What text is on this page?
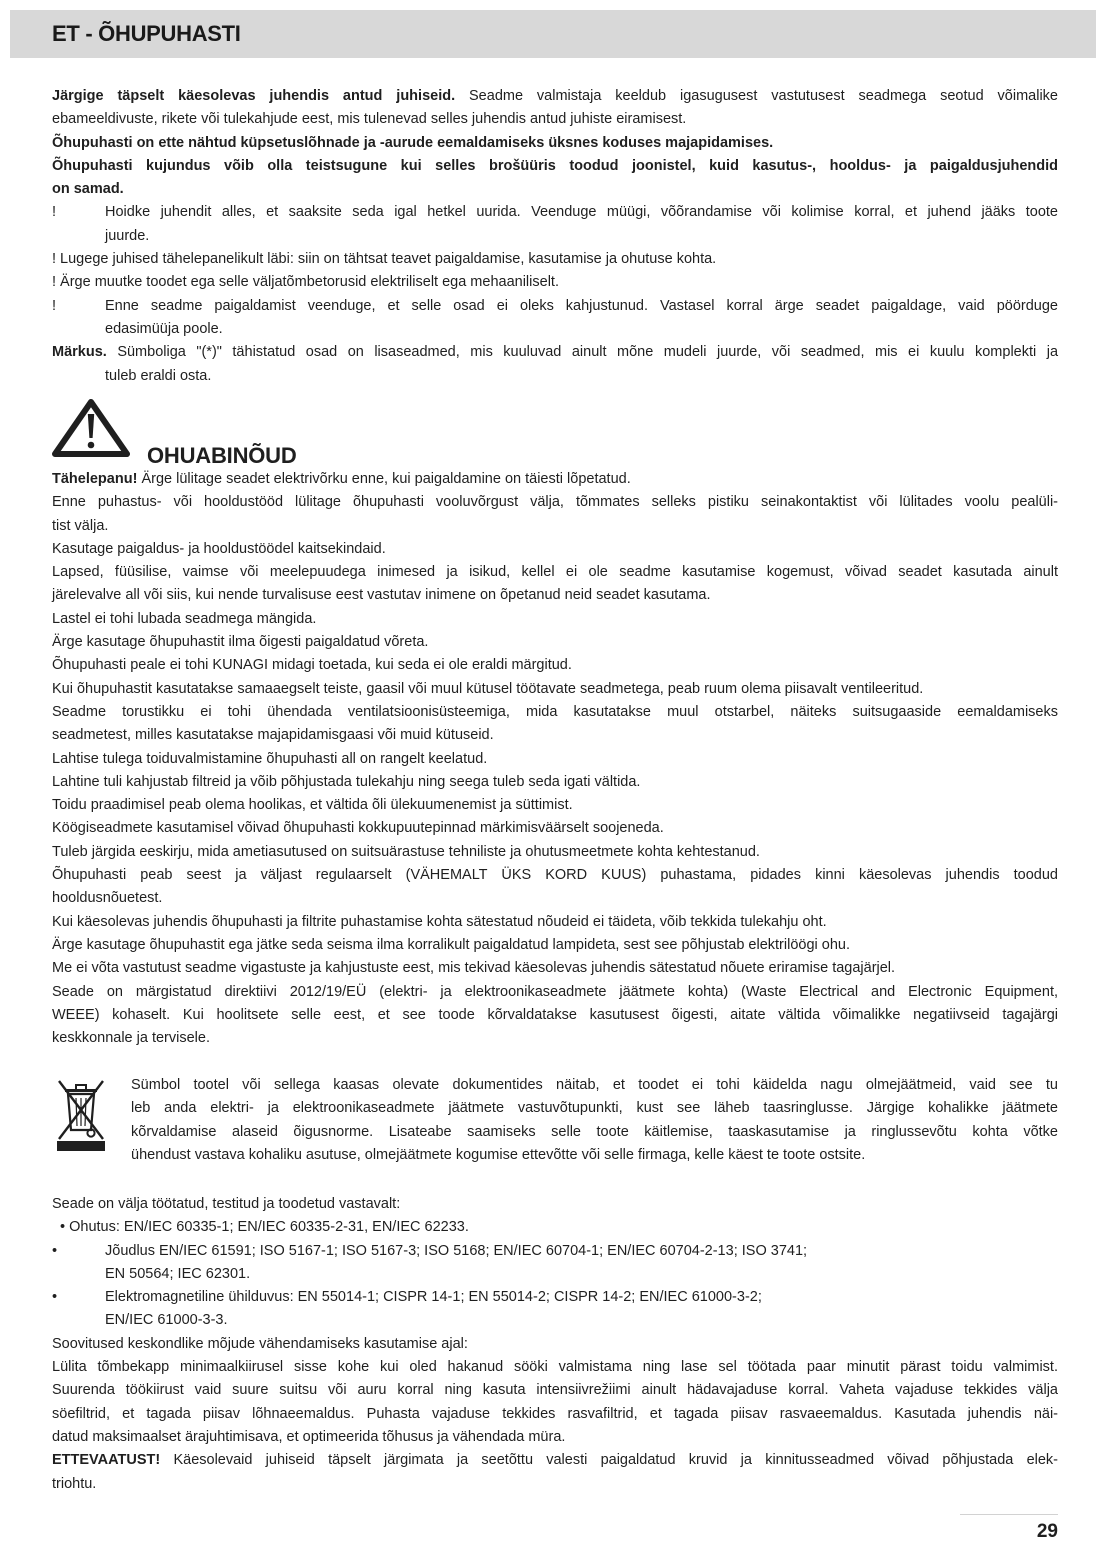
ET - ÕHUPUHASTI
Järgige täpselt käesolevas juhendis antud juhiseid. Seadme valmistaja keeldub igasugusest vastutusest seadmega seotud võimalike
ebameeldivuste, rikete või tulekahjude eest, mis tulenevad selles juhendis antud juhiste eiramisest.
Õhupuhasti on ette nähtud küpsetuslõhnade ja -aurude eemaldamiseks üksnes koduses majapidamises.
Õhupuhasti kujundus võib olla teistsugune kui selles brošüüris toodud joonistel, kuid kasutus-, hooldus- ja paigaldusjuhendid
on samad.
!	Hoidke juhendit alles, et saaksite seda igal hetkel uurida. Veenduge müügi, võõrandamise või kolimise korral, et juhend jääks toote
juurde.
! Lugege juhised tähelepanelikult läbi: siin on tähtsat teavet paigaldamise, kasutamise ja ohutuse kohta.
! Ärge muutke toodet ega selle väljatõmbetorusid elektriliselt ega mehaaniliselt.
!	Enne seadme paigaldamist veenduge, et selle osad ei oleks kahjustunud. Vastasel korral ärge seadet paigaldage, vaid pöörduge
edasimüüja poole.
Märkus. Sümboliga "(*)" tähistatud osad on lisaseadmed, mis kuuluvad ainult mõne mudeli juurde, või seadmed, mis ei kuulu komplekti ja
tuleb eraldi osta.
OHUABINÕUD
Tähelepanu! Ärge lülitage seadet elektrivõrku enne, kui paigaldamine on täiesti lõpetatud.
Enne puhastus- või hooldustööd lülitage õhupuhasti vooluvõrgust välja, tõmmates selleks pistiku seinakontaktist või lülitades voolu pealüli-
tist välja.
Kasutage paigaldus- ja hooldustöödel kaitsekindaid.
Lapsed, füüsilise, vaimse või meelepuudega inimesed ja isikud, kellel ei ole seadme kasutamise kogemust, võivad seadet kasutada ainult
järelevalve all või siis, kui nende turvalisuse eest vastutav inimene on õpetanud neid seadet kasutama.
Lastel ei tohi lubada seadmega mängida.
Ärge kasutage õhupuhastit ilma õigesti paigaldatud võreta.
Õhupuhasti peale ei tohi KUNAGI midagi toetada, kui seda ei ole eraldi märgitud.
Kui õhupuhastit kasutatakse samaaegselt teiste, gaasil või muul kütusel töötavate seadmetega, peab ruum olema piisavalt ventileeritud.
Seadme torustikku ei tohi ühendada ventilatsioonisüsteemiga, mida kasutatakse muul otstarbel, näiteks suitsugaaside eemaldamiseks
seadmetest, milles kasutatakse majapidamisgaasi või muid kütuseid.
Lahtise tulega toiduvalmistamine õhupuhasti all on rangelt keelatud.
Lahtine tuli kahjustab filtreid ja võib põhjustada tulekahju ning seega tuleb seda igati vältida.
Toidu praadimisel peab olema hoolikas, et vältida õli ülekuumenemist ja süttimist.
Köögiseadmete kasutamisel võivad õhupuhasti kokkupuutepinnad märkimisväärselt soojeneda.
Tuleb järgida eeskirju, mida ametiasutused on suitsuärastuse tehniliste ja ohutusmeetmete kohta kehtestanud.
Õhupuhasti peab seest ja väljast regulaarselt (VÄHEMALT ÜKS KORD KUUS) puhastama, pidades kinni käesolevas juhendis toodud
hooldusnõuetest.
Kui käesolevas juhendis õhupuhasti ja filtrite puhastamise kohta sätestatud nõudeid ei täideta, võib tekkida tulekahju oht.
Ärge kasutage õhupuhastit ega jätke seda seisma ilma korralikult paigaldatud lampideta, sest see põhjustab elektrilöögi ohu.
Me ei võta vastutust seadme vigastuste ja kahjustuste eest, mis tekivad käesolevas juhendis sätestatud nõuete eriramise tagajärjel.
Seade on märgistatud direktiivi 2012/19/EÜ (elektri- ja elektroonikaseadmete jäätmete kohta) (Waste Electrical and Electronic Equipment,
WEEE) kohaselt. Kui hoolitsete selle eest, et see toode kõrvaldatakse kasutusest õigesti, aitate vältida võimalikke negatiivseid tagajärgi
keskkonnale ja tervisele.
Sümbol tootel või sellega kaasas olevate dokumentides näitab, et toodet ei tohi käidelda nagu olmejäätmeid, vaid see tu
leb anda elektri- ja elektroonikaseadmete jäätmete vastuvõtupunkti, kust see läheb taasringlusse. Järgige kohalikke jäätmete
kõrvaldamise alaseid õigusnorme. Lisateabe saamiseks selle toote käitlemise, taaskasutamise ja ringlussevõtu kohta võtke
ühendust vastava kohaliku asutuse, olmejäätmete kogumise ettevõtte või selle firmaga, kelle käest te toote ostsite.
Seade on välja töötatud, testitud ja toodetud vastavalt:
• Ohutus: EN/IEC 60335-1; EN/IEC 60335-2-31, EN/IEC 62233.
•	Jõudlus EN/IEC 61591; ISO 5167-1; ISO 5167-3; ISO 5168; EN/IEC 60704-1; EN/IEC 60704-2-13; ISO 3741;
EN 50564; IEC 62301.
•	Elektromagnetiline ühilduvus: EN 55014-1; CISPR 14-1; EN 55014-2; CISPR 14-2; EN/IEC 61000-3-2;
EN/IEC 61000-3-3.
Soovitused keskondlike mõjude vähendamiseks kasutamise ajal:
Lülita tõmbekapp minimaalkiirusel sisse kohe kui oled hakanud sööki valmistama ning lase sel töötada paar minutit pärast toidu valmimist.
Suurenda töökiirust vaid suure suitsu või auru korral ning kasuta intensiivrežiimi ainult hädavajaduse korral. Vaheta vajaduse tekkides välja
söefiltrid, et tagada piisav lõhnaeemaldus. Puhasta vajaduse tekkides rasvafiltrid, et tagada piisav rasvaeemaldus. Kasutada juhendis näi-
datud maksimaalset ärajuhtimisava, et optimeerida tõhusus ja vähendada müra.
ETTEVAATUST! Käesolevaid juhiseid täpselt järgimata ja seetõttu valesti paigaldatud kruvid ja kinnitusseadmed võivad põhjustada elek-
triohtu.
29
